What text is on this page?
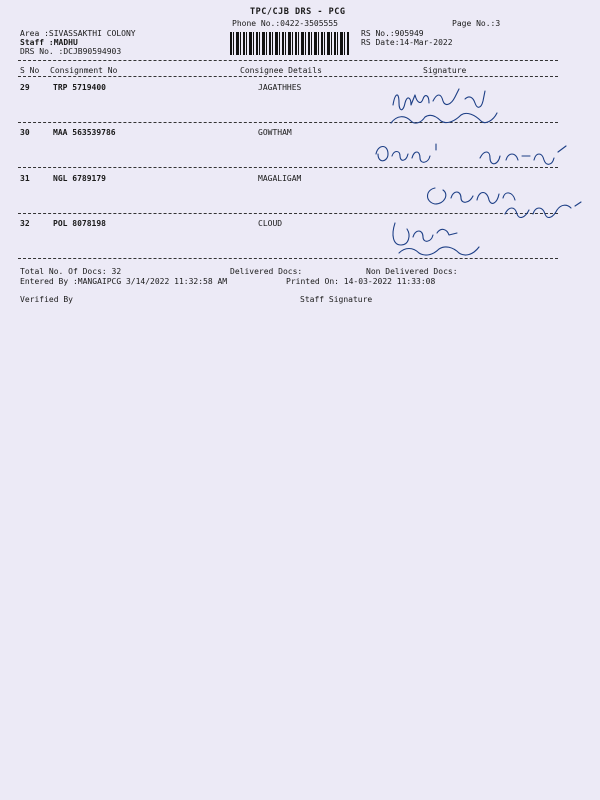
TPC/CJB DRS - PCG
Phone No.:0422-3505555	Page No.:3
Area :SIVASSAKTHI COLONY
Staff :MADHU
DRS No. :DCJB90594903
RS No.:905949
RS Date:14-Mar-2022
S No Consignment No	Consignee Details	Signature
29	TRP 5719400	JAGATHHES
30	MAA 563539786	GOWTHAM
31	NGL 6789179	MAGALIGAM
32	POL 8078198	CLOUD
Total No. Of Docs: 32	Delivered Docs:	Non Delivered Docs:
Entered By :MANGAIPCG 3/14/2022 11:32:58 AM	Printed On: 14-03-2022 11:33:08
Verified By	Staff Signature
